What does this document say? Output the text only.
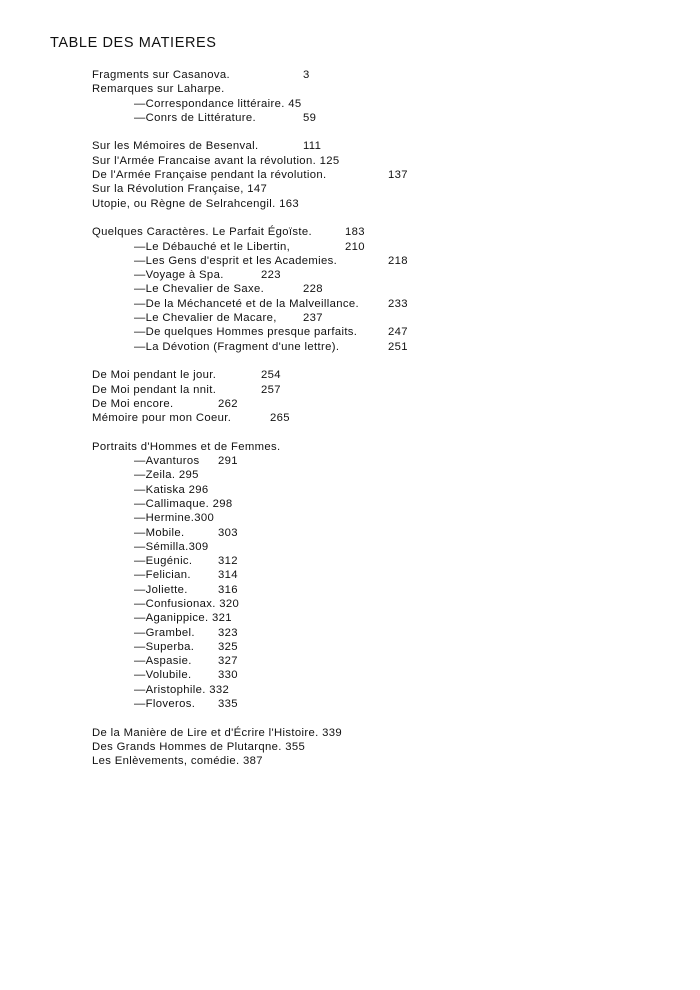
TABLE DES MATIERES
Fragments sur Casanova.	3
Remarques sur Laharpe.
—Correspondance littéraire. 45
—Conrs de Littérature.	59
Sur les Mémoires de Besenval.	111
Sur l'Armée Francaise avant la révolution. 125
De l'Armée Française pendant la révolution.	137
Sur la Révolution Française, 147
Utopie, ou Règne de Selrahcengil. 163
Quelques Caractères. Le Parfait Égoïste.	183
—Le Débauché et le Libertin,	210
—Les Gens d'esprit et les Academies.	218
—Voyage à Spa.	223
—Le Chevalier de Saxe.	228
—De la Méchanceté et de la Malveillance.	233
—Le Chevalier de Macare, 237
—De quelques Hommes presque parfaits.	247
—La Dévotion (Fragment d'une lettre).	251
De Moi pendant le jour.	254
De Moi pendant la nnit.	257
De Moi encore.	262
Mémoire pour mon Coeur.	265
Portraits d'Hommes et de Femmes.
—Avanturos 291
—Zeila. 295
—Katiska 296
—Callimaque. 298
—Hermine.300
—Mobile.	303
—Sémilla.309
—Eugénic. 312
—Felician. 314
—Joliette.	316
—Confusionax. 320
—Aganippice. 321
—Grambel. 323
—Superba. 325
—Aspasie. 327
—Volubile. 330
—Aristophile. 332
—Floveros. 335
De la Manière de Lire et d'Écrire l'Histoire. 339
Des Grands Hommes de Plutarqne. 355
Les Enlèvements, comédie. 387
